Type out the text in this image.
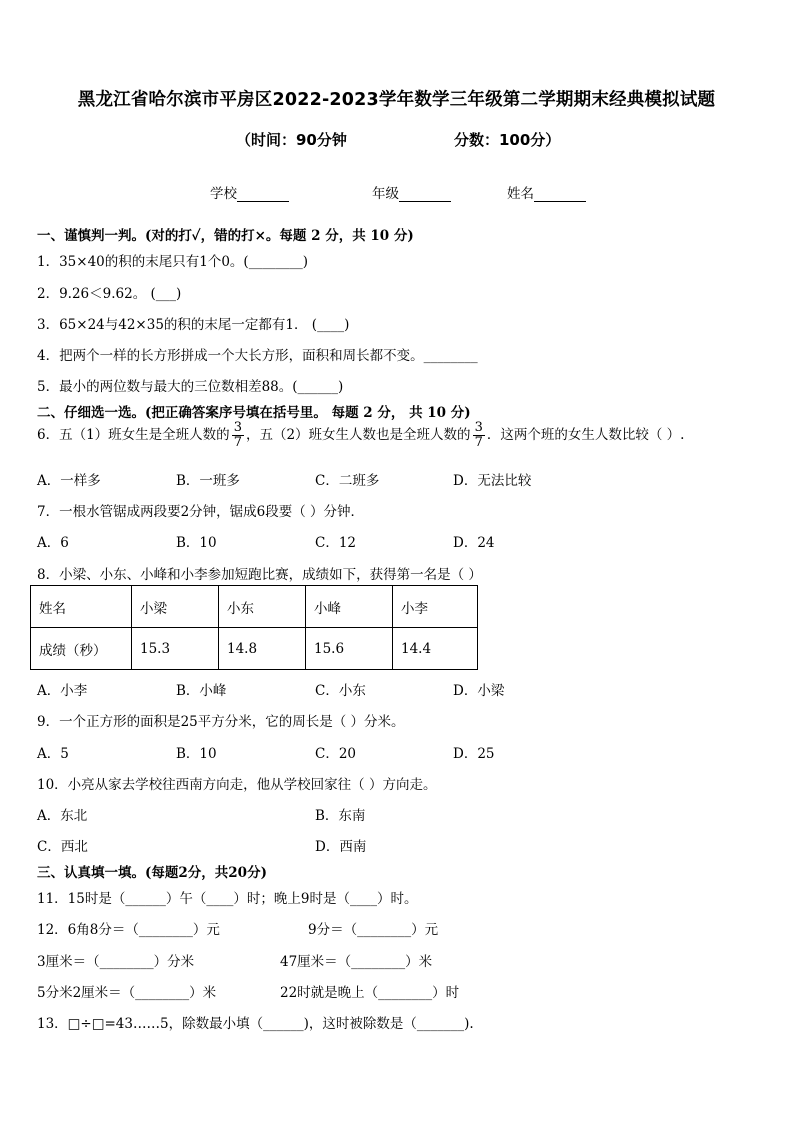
黑龙江省哈尔滨市平房区2022-2023学年数学三年级第二学期期末经典模拟试题
（时间：90分钟	分数：100分）
学校	年级	姓名
一、谨慎判一判。(对的打✓，错的打×。每题 2 分，共 10 分)
1．35×40的积的末尾只有1个0。(________)
2．9.26＜9.62。 (___)
3．65×24与42×35的积的末尾一定都有1． (____)
4．把两个一样的长方形拼成一个大长方形，面积和周长都不变。________
5．最小的两位数与最大的三位数相差88。(______)
二、仔细选一选。(把正确答案序号填在括号里。 每题 2 分， 共 10 分)
6．五（1）班女生是全班人数的 $\frac{3}{7}$ ，五（2）班女生人数也是全班人数的 $\frac{3}{7}$ ．这两个班的女生人数比较（ ）.
A．一样多	B．一班多	C．二班多	D．无法比较
7．一根水管锯成两段要2分钟，锯成6段要（ ）分钟．
A．6	B．10	C．12	D．24
8．小梁、小东、小峰和小李参加短跑比赛，成绩如下，获得第一名是（ ）
姓名	小梁	小东	小峰	小李
成绩（秒）	15.3	14.8	15.6	14.4
A．小李	B．小峰	C．小东	D．小梁
9．一个正方形的面积是25平方分米，它的周长是（ ）分米。
A．5	B．10	C．20	D．25
10．小亮从家去学校往西南方向走，他从学校回家往（ ）方向走。
A．东北	B．东南
C．西北	D．西南
三、认真填一填。(每题2分，共20分)
11．15时是（______）午（____）时；晚上9时是（____）时。
12．6角8分＝（________）元	9分＝（________）元
3厘米＝（________）分米	47厘米＝（________）米
5分米2厘米＝（________）米	22时就是晚上（________）时
13．□÷□=43……5，除数最小填（______)，这时被除数是（_______).
